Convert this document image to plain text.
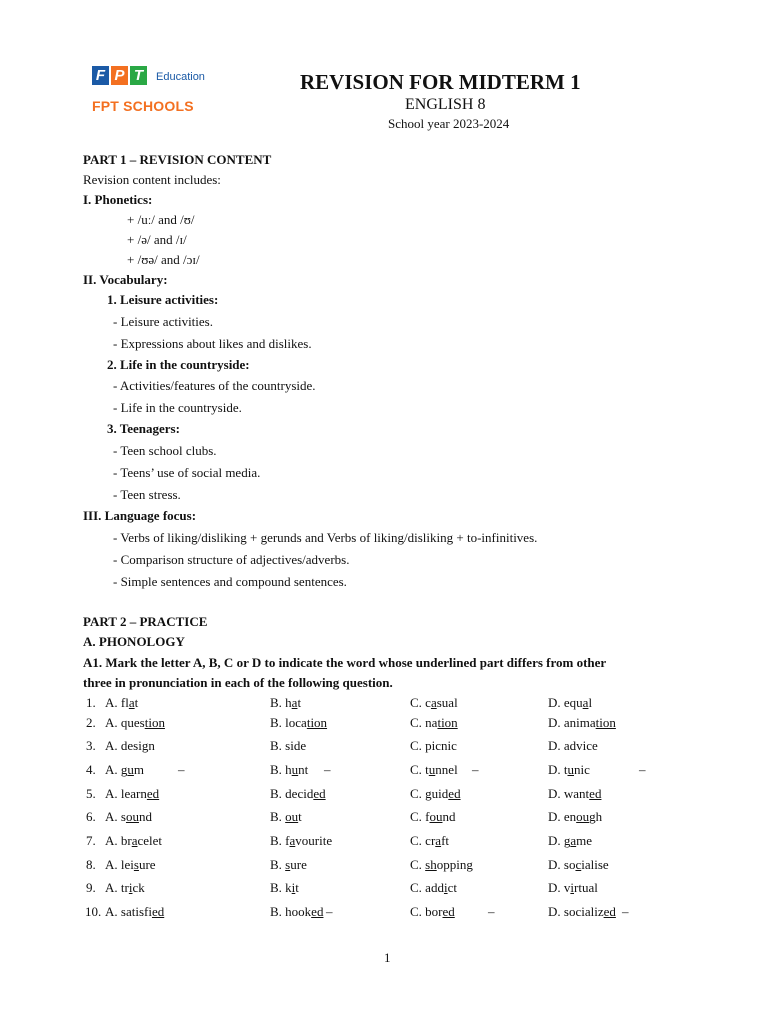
F P T	Education
FPT SCHOOLS
REVISION FOR MIDTERM 1
ENGLISH 8
School year 2023-2024
PART 1 – REVISION CONTENT
Revision content includes:
I. Phonetics:
+ /uː/ and /ʊ/
+ /ə/ and /ɪ/
+ /ʊə/ and /ɔɪ/
II. Vocabulary:
1. Leisure activities:
- Leisure activities.
- Expressions about likes and dislikes.
2. Life in the countryside:
- Activities/features of the countryside.
- Life in the countryside.
3. Teenagers:
- Teen school clubs.
- Teens’ use of social media.
- Teen stress.
III. Language focus:
- Verbs of liking/disliking + gerunds and Verbs of liking/disliking + to-infinitives.
- Comparison structure of adjectives/adverbs.
- Simple sentences and compound sentences.
PART 2 – PRACTICE
A. PHONOLOGY
A1. Mark the letter A, B, C or D to indicate the word whose underlined part differs from other
three in pronunciation in each of the following question.
1. A. flat	B. hat	C. casual	D. equal
2. A. question	B. location	C. nation	D. animation
3. A. design	B. side	C. picnic	D. advice
4. A. gum	B. hunt	C. tunnel	D. tunic
–	–	–	–
5. A. learned	B. decided	C. guided	D. wanted
6. A. sound	B. out	C. found	D. enough
7. A. bracelet	B. favourite	C. craft	D. game
8. A. leisure	B. sure	C. shopping	D. socialise
9. A. trick	B. kit	C. addict	D. virtual
10. A. satisfied	B. hooked	C. bored	D. socialized
–	–	–
1
